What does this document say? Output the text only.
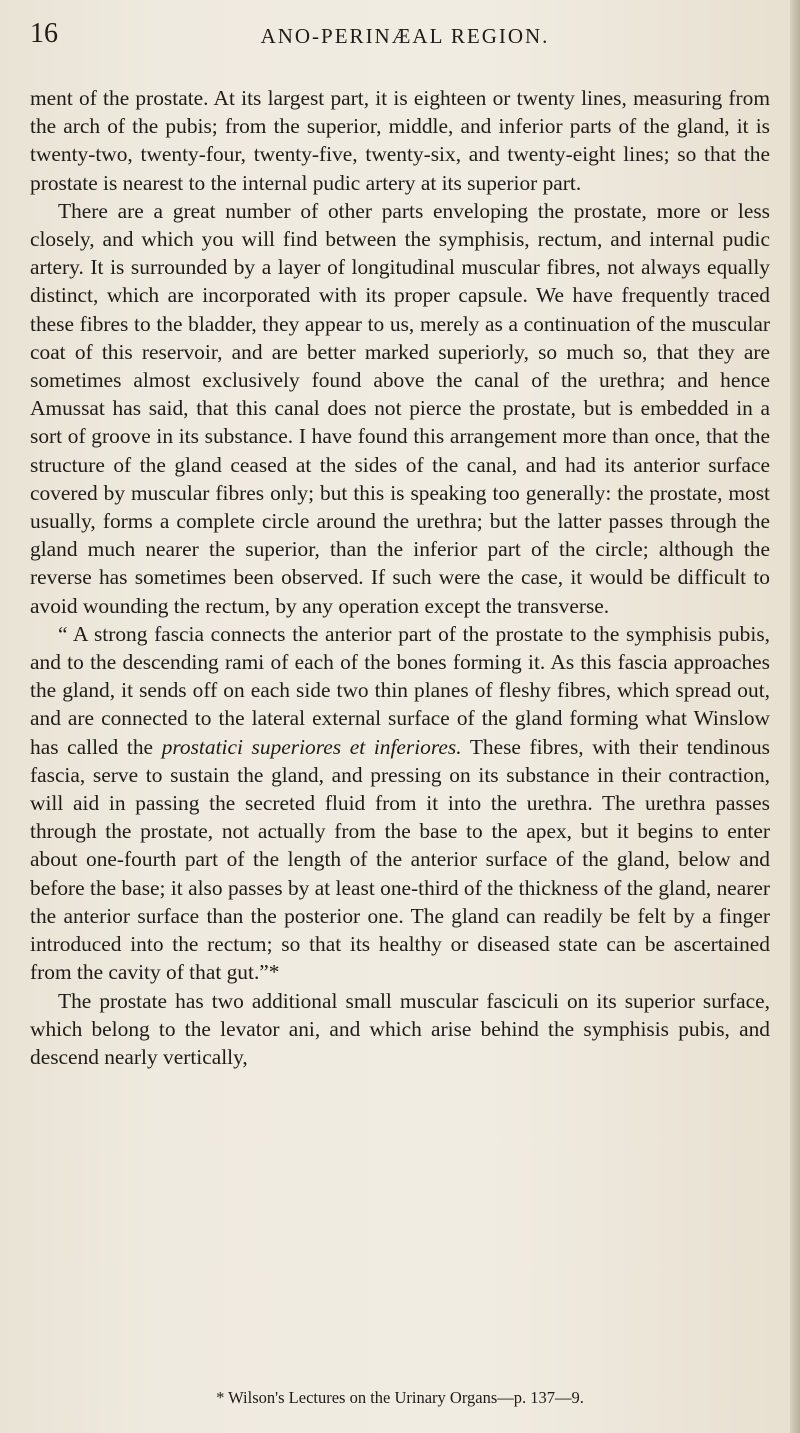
16	ANO-PERINÆAL REGION.

ment of the prostate. At its largest part, it is eighteen or twenty lines, measuring from the arch of the pubis; from the superior, middle, and inferior parts of the gland, it is twenty-two, twenty-four, twenty-five, twenty-six, and twenty-eight lines; so that the prostate is nearest to the internal pudic artery at its superior part.

There are a great number of other parts enveloping the prostate, more or less closely, and which you will find between the symphisis, rectum, and internal pudic artery. It is surrounded by a layer of longitudinal muscular fibres, not always equally distinct, which are incorporated with its proper capsule. We have frequently traced these fibres to the bladder, they appear to us, merely as a continuation of the muscular coat of this reservoir, and are better marked superiorly, so much so, that they are sometimes almost exclusively found above the canal of the urethra; and hence Amussat has said, that this canal does not pierce the prostate, but is embedded in a sort of groove in its substance. I have found this arrangement more than once, that the structure of the gland ceased at the sides of the canal, and had its anterior surface covered by muscular fibres only; but this is speaking too generally: the prostate, most usually, forms a complete circle around the urethra; but the latter passes through the gland much nearer the superior, than the inferior part of the circle; although the reverse has sometimes been observed. If such were the case, it would be difficult to avoid wounding the rectum, by any operation except the transverse.

“ A strong fascia connects the anterior part of the prostate to the symphisis pubis, and to the descending rami of each of the bones forming it. As this fascia approaches the gland, it sends off on each side two thin planes of fleshy fibres, which spread out, and are connected to the lateral external surface of the gland forming what Winslow has called the prostatici superiores et inferiores. These fibres, with their tendinous fascia, serve to sustain the gland, and pressing on its substance in their contraction, will aid in passing the secreted fluid from it into the urethra. The urethra passes through the prostate, not actually from the base to the apex, but it begins to enter about one-fourth part of the length of the anterior surface of the gland, below and before the base; it also passes by at least one-third of the thickness of the gland, nearer the anterior surface than the posterior one. The gland can readily be felt by a finger introduced into the rectum; so that its healthy or diseased state can be ascertained from the cavity of that gut.”*

The prostate has two additional small muscular fasciculi on its superior surface, which belong to the levator ani, and which arise behind the symphisis pubis, and descend nearly vertically,

* Wilson's Lectures on the Urinary Organs—p. 137—9.
